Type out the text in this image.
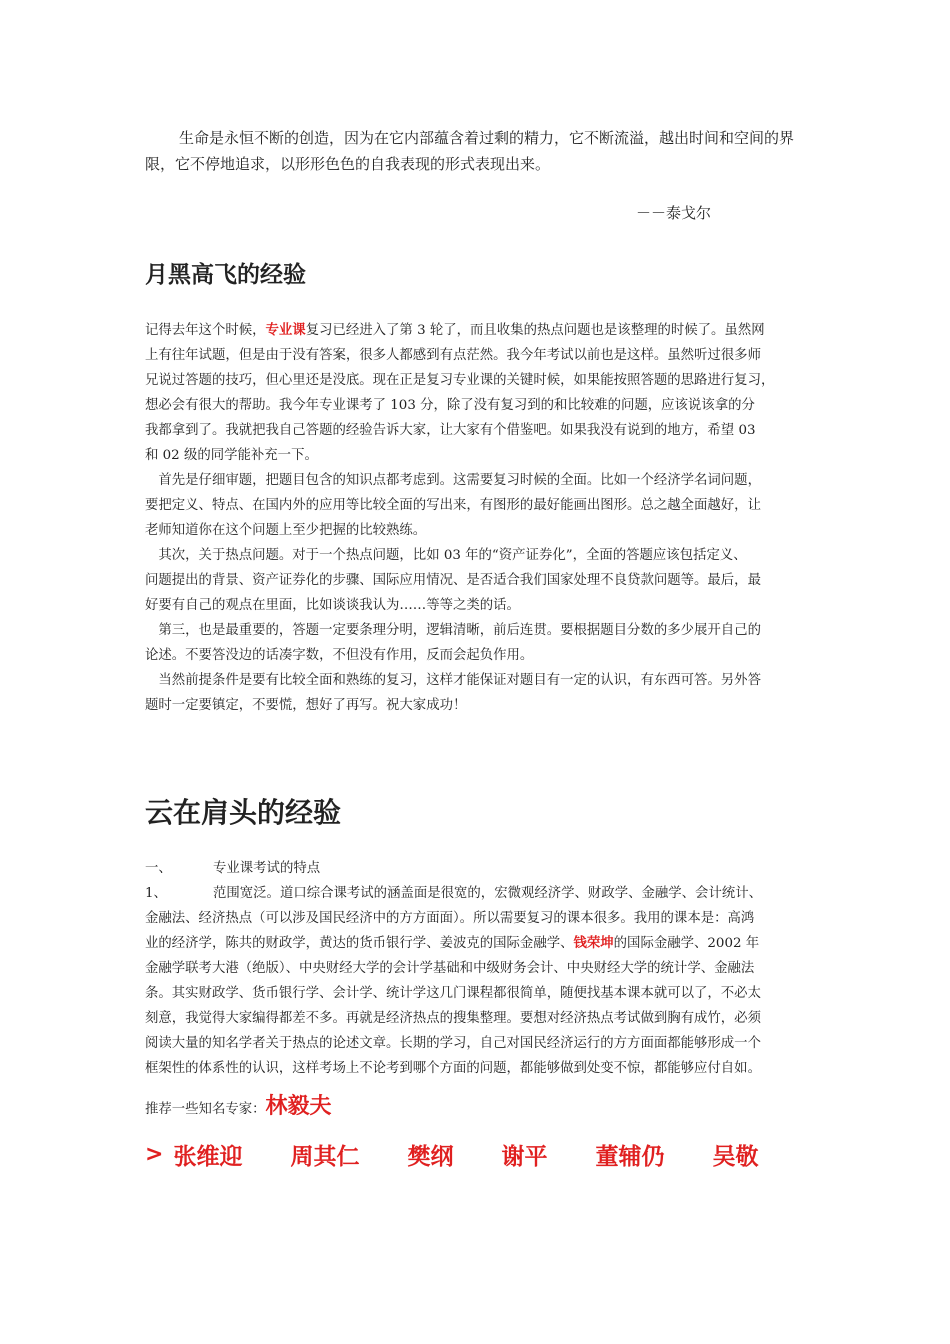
生命是永恒不断的创造，因为在它内部蕴含着过剩的精力，它不断流溢，越出时间和空间的界限，它不停地追求，以形形色色的自我表现的形式表现出来。

－－泰戈尔

月黑高飞的经验
记得去年这个时候，专业课复习已经进入了第 3 轮了，而且收集的热点问题也是该整理的时候了。虽然网
上有往年试题，但是由于没有答案，很多人都感到有点茫然。我今年考试以前也是这样。虽然听过很多师
兄说过答题的技巧，但心里还是没底。现在正是复习专业课的关键时候，如果能按照答题的思路进行复习，
想必会有很大的帮助。我今年专业课考了 103 分，除了没有复习到的和比较难的问题，应该说该拿的分
我都拿到了。我就把我自己答题的经验告诉大家，让大家有个借鉴吧。如果我没有说到的地方，希望 03
和 02 级的同学能补充一下。
　首先是仔细审题，把题目包含的知识点都考虑到。这需要复习时候的全面。比如一个经济学名词问题，
要把定义、特点、在国内外的应用等比较全面的写出来，有图形的最好能画出图形。总之越全面越好，让
老师知道你在这个问题上至少把握的比较熟练。
　其次，关于热点问题。对于一个热点问题，比如 03 年的“资产证券化”，全面的答题应该包括定义、
问题提出的背景、资产证券化的步骤、国际应用情况、是否适合我们国家处理不良贷款问题等。最后，最
好要有自己的观点在里面，比如谈谈我认为……等等之类的话。
　第三，也是最重要的，答题一定要条理分明，逻辑清晰，前后连贯。要根据题目分数的多少展开自己的
论述。不要答没边的话凑字数，不但没有作用，反而会起负作用。
　当然前提条件是要有比较全面和熟练的复习，这样才能保证对题目有一定的认识，有东西可答。另外答
题时一定要镇定，不要慌，想好了再写。祝大家成功！
云在肩头的经验
一、	专业课考试的特点
1、	范围宽泛。道口综合课考试的涵盖面是很宽的，宏微观经济学、财政学、金融学、会计统计、
金融法、经济热点（可以涉及国民经济中的方方面面）。所以需要复习的课本很多。我用的课本是：高鸿
业的经济学，陈共的财政学，黄达的货币银行学、姜波克的国际金融学、钱荣坤的国际金融学、2002 年
金融学联考大港（绝版）、中央财经大学的会计学基础和中级财务会计、中央财经大学的统计学、金融法
条。其实财政学、货币银行学、会计学、统计学这几门课程都很简单，随便找基本课本就可以了，不必太
刻意，我觉得大家编得都差不多。再就是经济热点的搜集整理。要想对经济热点考试做到胸有成竹，必须
阅读大量的知名学者关于热点的论述文章。长期的学习，自己对国民经济运行的方方面面都能够形成一个
框架性的体系性的认识，这样考场上不论考到哪个方面的问题，都能够做到处变不惊，都能够应付自如。
推荐一些知名专家：林毅夫
> 张维迎 周其仁 樊纲 谢平 董辅仍 吴敬
